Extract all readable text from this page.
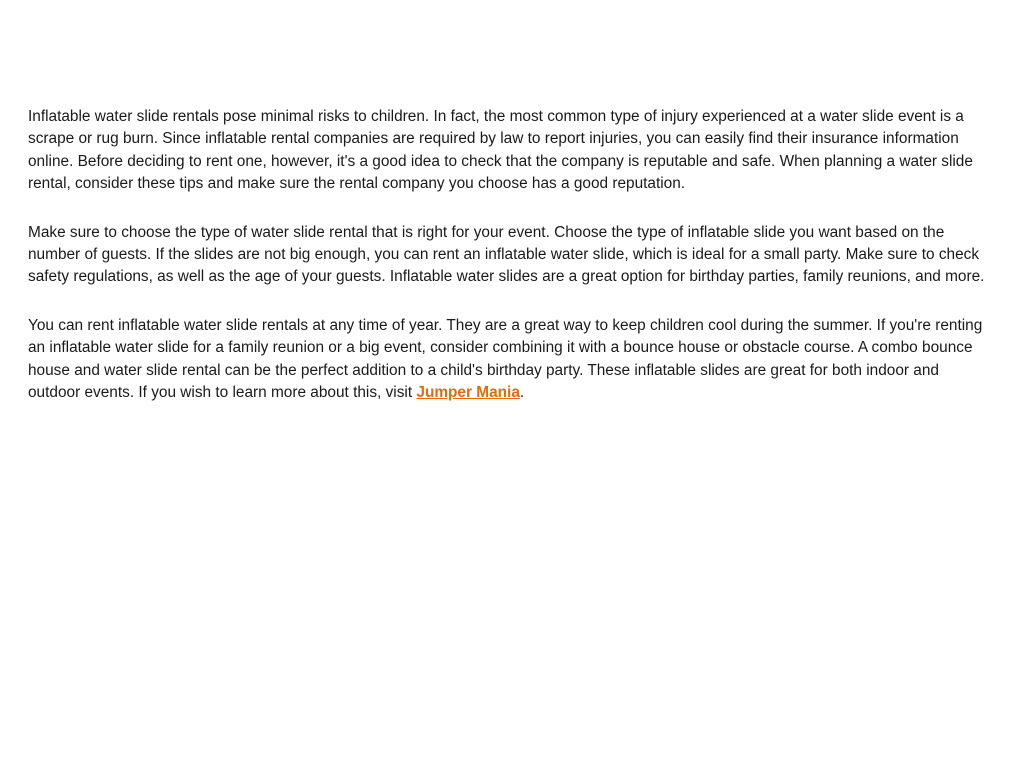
Inflatable water slide rentals pose minimal risks to children. In fact, the most common type of injury experienced at a water slide event is a scrape or rug burn. Since inflatable rental companies are required by law to report injuries, you can easily find their insurance information online. Before deciding to rent one, however, it's a good idea to check that the company is reputable and safe. When planning a water slide rental, consider these tips and make sure the rental company you choose has a good reputation.

Make sure to choose the type of water slide rental that is right for your event. Choose the type of inflatable slide you want based on the number of guests. If the slides are not big enough, you can rent an inflatable water slide, which is ideal for a small party. Make sure to check safety regulations, as well as the age of your guests. Inflatable water slides are a great option for birthday parties, family reunions, and more.

You can rent inflatable water slide rentals at any time of year. They are a great way to keep children cool during the summer. If you're renting an inflatable water slide for a family reunion or a big event, consider combining it with a bounce house or obstacle course. A combo bounce house and water slide rental can be the perfect addition to a child's birthday party. These inflatable slides are great for both indoor and outdoor events. If you wish to learn more about this, visit Jumper Mania.
